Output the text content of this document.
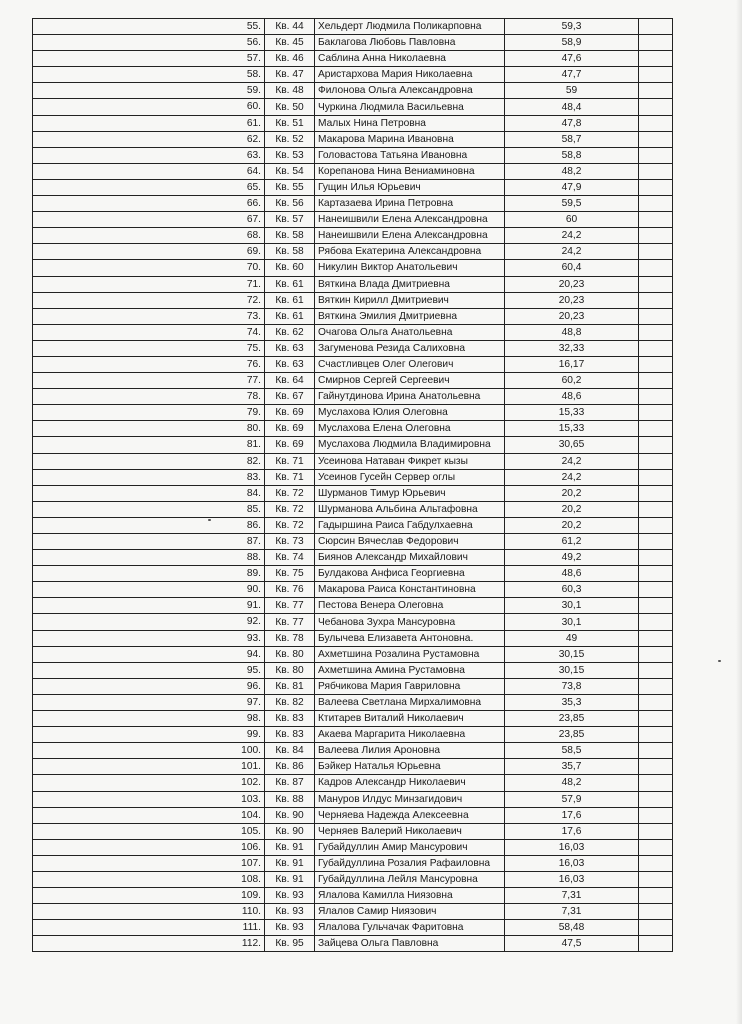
55.	Кв. 44	Хельдерт Людмила Поликарповна	59,3	
56.	Кв. 45	Баклагова Любовь Павловна	58,9	
57.	Кв. 46	Саблина Анна Николаевна	47,6	
58.	Кв. 47	Аристархова Мария Николаевна	47,7	
59.	Кв. 48	Филонова Ольга Александровна	59	
60.	Кв. 50	Чуркина Людмила Васильевна	48,4	
61.	Кв. 51	Малых Нина Петровна	47,8	
62.	Кв. 52	Макарова Марина Ивановна	58,7	
63.	Кв. 53	Головастова Татьяна Ивановна	58,8	
64.	Кв. 54	Корепанова Нина Вениаминовна	48,2	
65.	Кв. 55	Гущин Илья Юрьевич	47,9	
66.	Кв. 56	Картазаева Ирина Петровна	59,5	
67.	Кв. 57	Нанеишвили Елена Александровна	60	
68.	Кв. 58	Нанеишвили Елена Александровна	24,2	
69.	Кв. 58	Рябова Екатерина Александровна	24,2	
70.	Кв. 60	Никулин Виктор Анатольевич	60,4	
71.	Кв. 61	Вяткина Влада Дмитриевна	20,23	
72.	Кв. 61	Вяткин Кирилл Дмитриевич	20,23	
73.	Кв. 61	Вяткина Эмилия Дмитриевна	20,23	
74.	Кв. 62	Очагова Ольга Анатольевна	48,8	
75.	Кв. 63	Загуменова Резида Салиховна	32,33	
76.	Кв. 63	Счастливцев Олег Олегович	16,17	
77.	Кв. 64	Смирнов Сергей Сергеевич	60,2	
78.	Кв. 67	Гайнутдинова Ирина Анатольевна	48,6	
79.	Кв. 69	Муслахова Юлия Олеговна	15,33	
80.	Кв. 69	Муслахова Елена Олеговна	15,33	
81.	Кв. 69	Муслахова Людмила Владимировна	30,65	
82.	Кв. 71	Усеинова Натаван Фикрет кызы	24,2	
83.	Кв. 71	Усеинов Гусейн Сервер оглы	24,2	
84.	Кв. 72	Шурманов Тимур Юрьевич	20,2	
85.	Кв. 72	Шурманова Альбина Альтафовна	20,2	
86.	Кв. 72	Гадыршина Раиса Габдулхаевна	20,2	
87.	Кв. 73	Сюрсин Вячеслав Федорович	61,2	
88.	Кв. 74	Биянов Александр Михайлович	49,2	
89.	Кв. 75	Булдакова Анфиса Георгиевна	48,6	
90.	Кв. 76	Макарова Раиса Константиновна	60,3	
91.	Кв. 77	Пестова Венера Олеговна	30,1	
92.	Кв. 77	Чебанова Зухра Мансуровна	30,1	
93.	Кв. 78	Булычева Елизавета Антоновна.	49	
94.	Кв. 80	Ахметшина Розалина Рустамовна	30,15	
95.	Кв. 80	Ахметшина Амина Рустамовна	30,15	
96.	Кв. 81	Рябчикова Мария Гавриловна	73,8	
97.	Кв. 82	Валеева Светлана Мирхалимовна	35,3	
98.	Кв. 83	Ктитарев Виталий Николаевич	23,85	
99.	Кв. 83	Акаева Маргарита Николаевна	23,85	
100.	Кв. 84	Валеева Лилия Ароновна	58,5	
101.	Кв. 86	Бэйкер Наталья Юрьевна	35,7	
102.	Кв. 87	Кадров Александр Николаевич	48,2	
103.	Кв. 88	Мануров Илдус Минзагидович	57,9	
104.	Кв. 90	Черняева Надежда Алексеевна	17,6	
105.	Кв. 90	Черняев Валерий Николаевич	17,6	
106.	Кв. 91	Губайдуллин Амир Мансурович	16,03	
107.	Кв. 91	Губайдуллина Розалия Рафаиловна	16,03	
108.	Кв. 91	Губайдуллина Лейля Мансуровна	16,03	
109.	Кв. 93	Ялалова Камилла Ниязовна	7,31	
110.	Кв. 93	Ялалов Самир Ниязович	7,31	
111.	Кв. 93	Ялалова Гульчачак Фаритовна	58,48	
112.	Кв. 95	Зайцева Ольга Павловна	47,5	
